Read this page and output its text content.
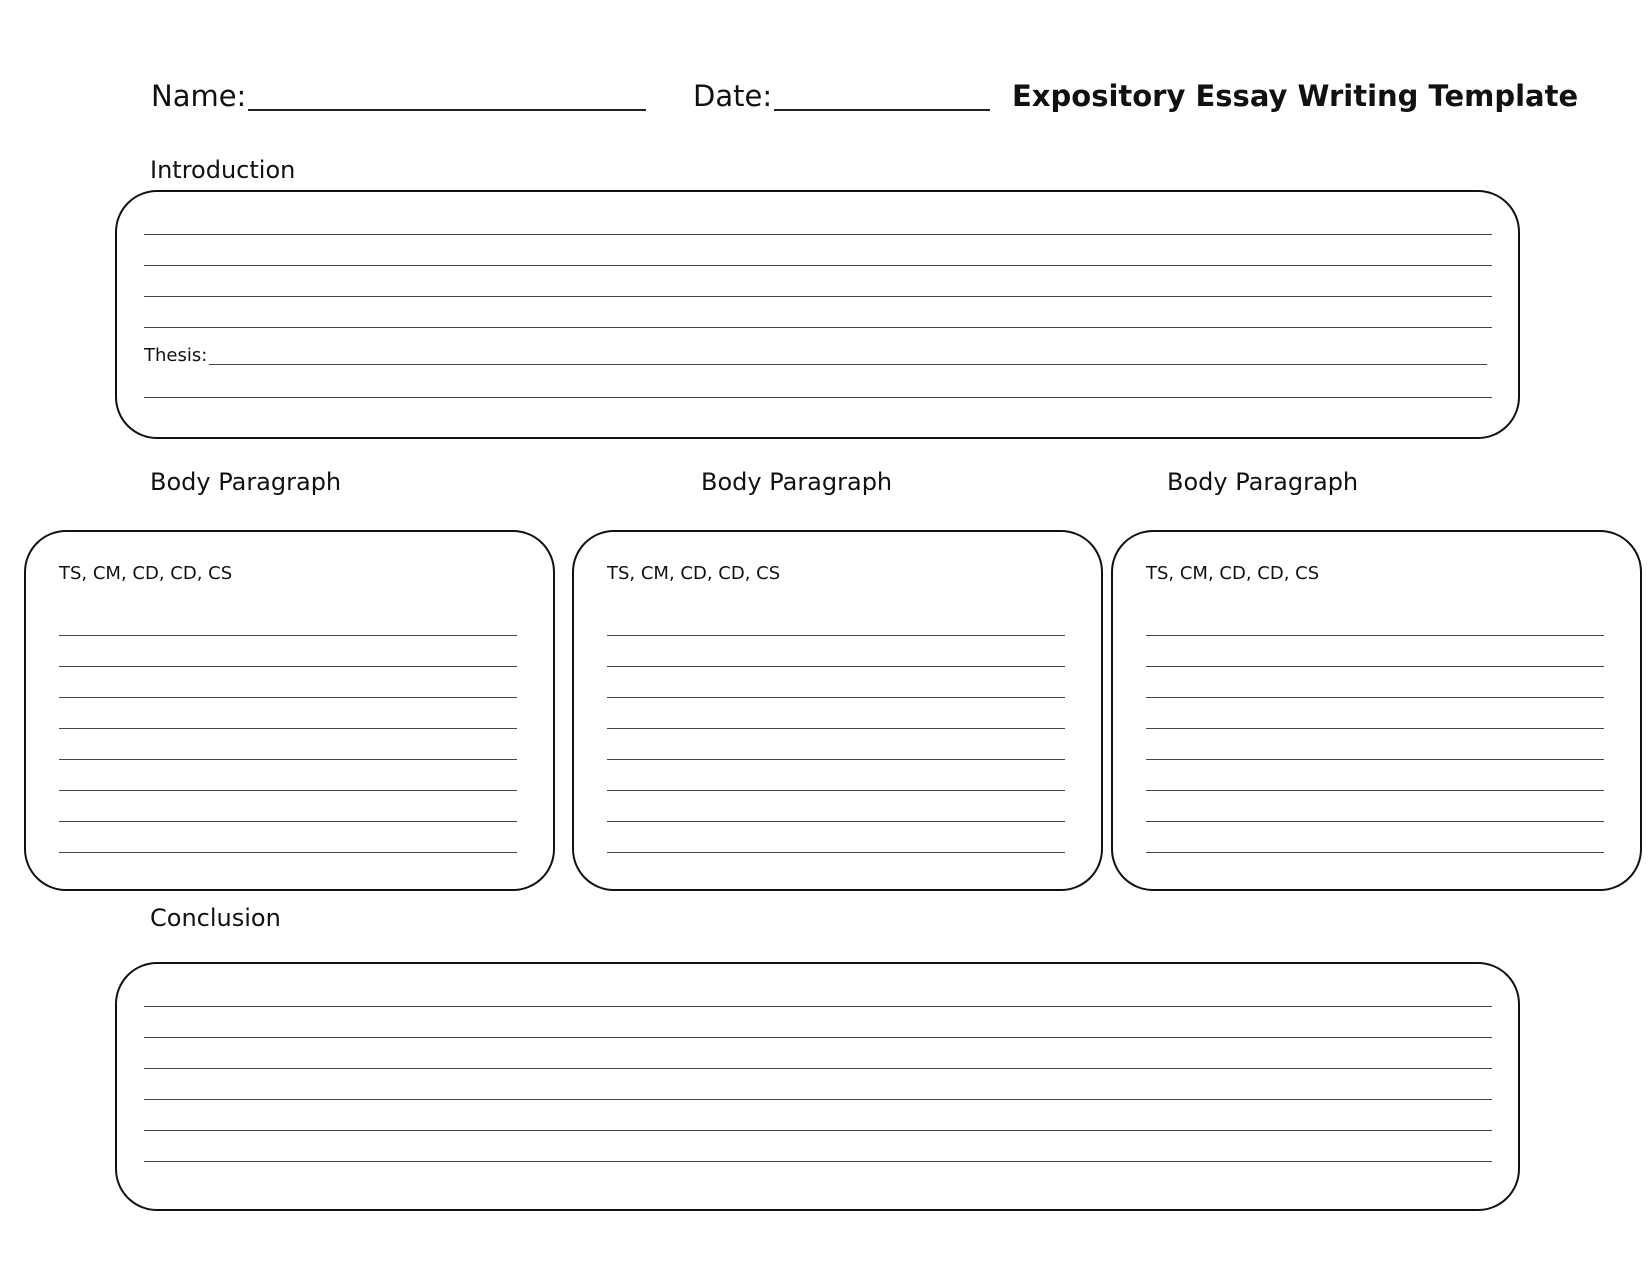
Name:	Date:	Expository Essay Writing Template
Introduction
Thesis:
Body Paragraph	Body Paragraph	Body Paragraph
TS, CM, CD, CD, CS	TS, CM, CD, CD, CS	TS, CM, CD, CD, CS
Conclusion
